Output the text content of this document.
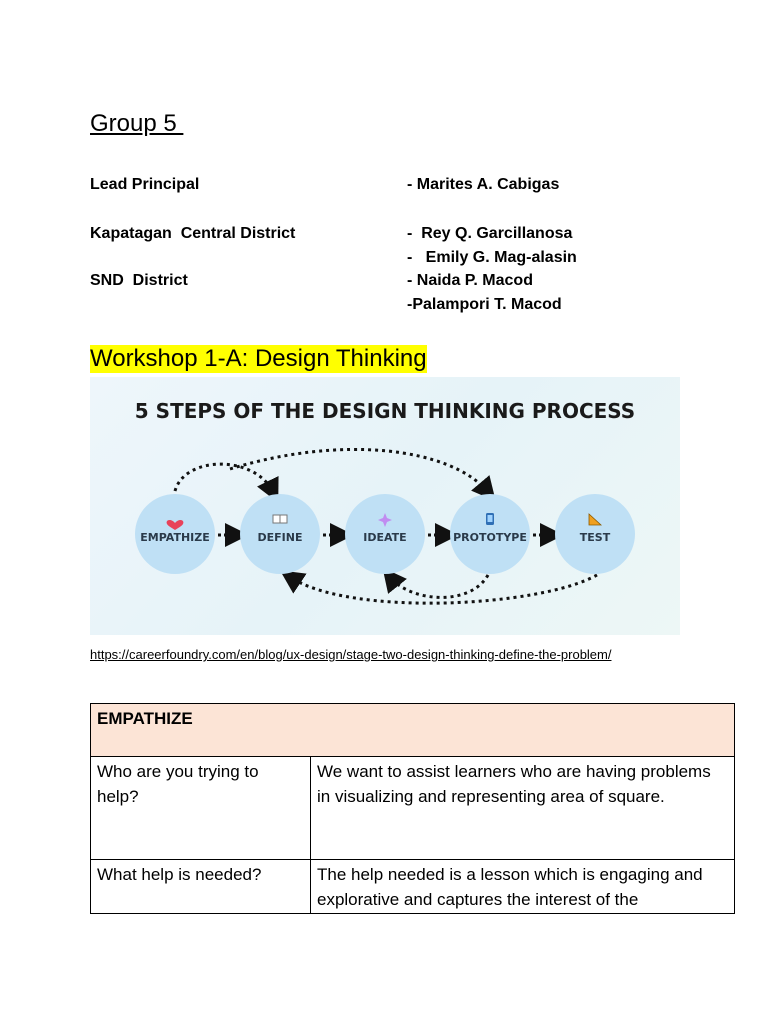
Group 5
Lead Principal	- Marites A. Cabigas
Kapatagan  Central District	-  Rey Q. Garcillanosa
-   Emily G. Mag-alasin
SND  District	- Naida P. Macod
-Palampori T. Macod
Workshop 1-A: Design Thinking
5 STEPS OF THE DESIGN THINKING PROCESS
EMPATHIZE	DEFINE	IDEATE	PROTOTYPE	TEST
https://careerfoundry.com/en/blog/ux-design/stage-two-design-thinking-define-the-problem/
EMPATHIZE	
Who are you trying to help?	We want to assist learners who are having problems in visualizing and representing area of square.

What help is needed?	The help needed is a lesson which is engaging and explorative and captures the interest of the
